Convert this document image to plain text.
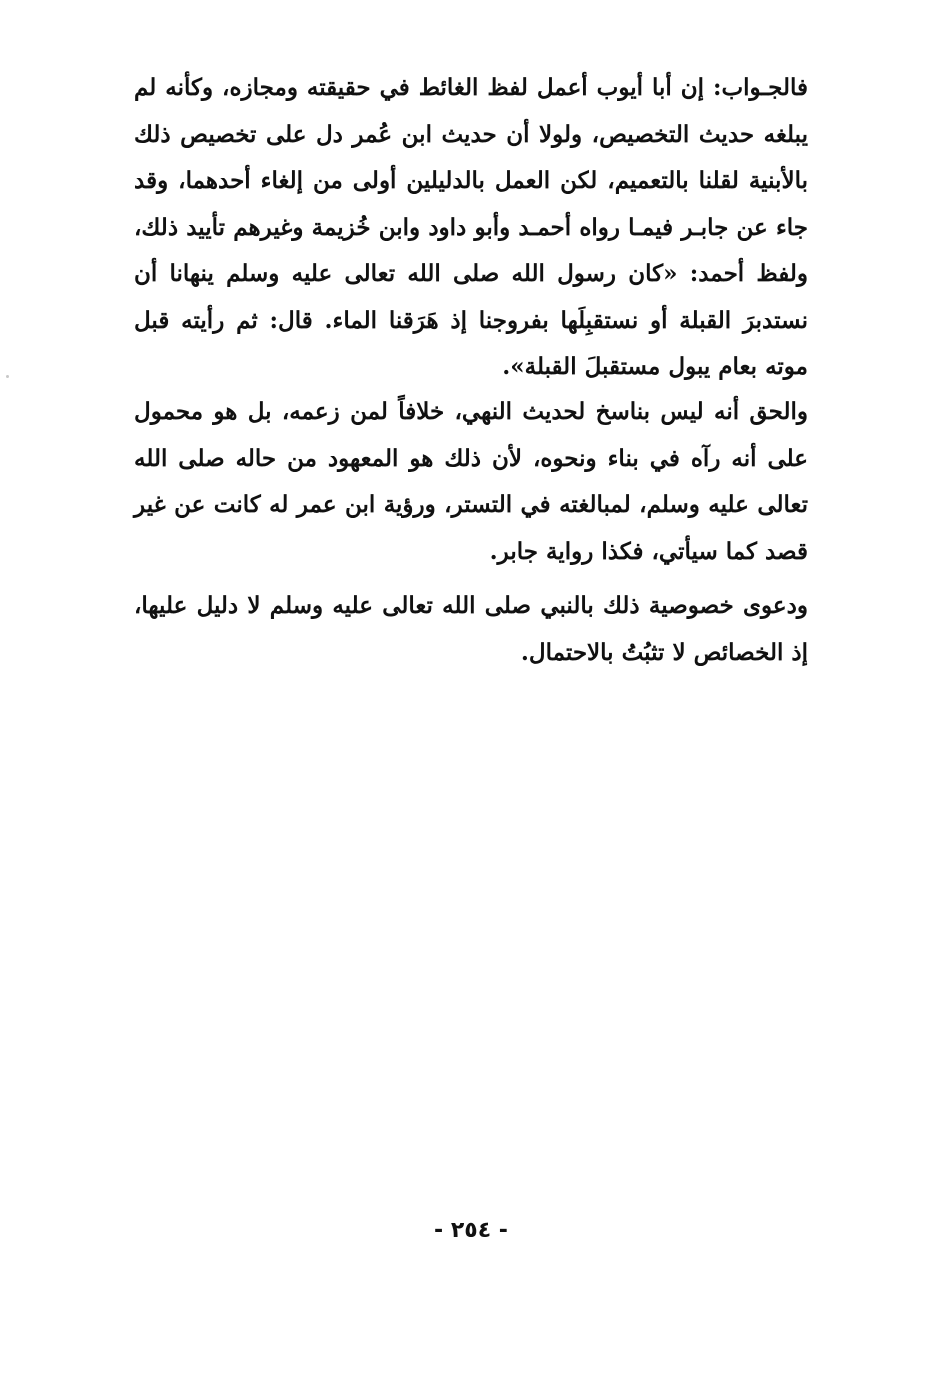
فالجـواب: إن أبا أيوب أعمل لفظ الغائط في حقيقته ومجازه، وكأنه لم يبلغه حديث التخصيص، ولولا أن حديث ابن عُمر دل على تخصيص ذلك بالأبنية لقلنا بالتعميم، لكن العمل بالدليلين أولى من إلغاء أحدهما، وقد جاء عن جابـر فيمـا رواه أحمـد وأبو داود وابن خُزيمة وغيرهم تأييد ذلك، ولفظ أحمد: «كان رسول الله صلى الله تعالى عليه وسلم ينهانا أن نستدبرَ القبلة أو نستقبِلَها بفروجنا إذ هَرَقنا الماء. قال: ثم رأيته قبل موته بعام يبول مستقبلَ القبلة».

والحق أنه ليس بناسخ لحديث النهي، خلافاً لمن زعمه، بل هو محمول على أنه رآه في بناء ونحوه، لأن ذلك هو المعهود من حاله صلى الله تعالى عليه وسلم، لمبالغته في التستر، ورؤية ابن عمر له كانت عن غير قصد كما سيأتي، فكذا رواية جابر.

ودعوى خصوصية ذلك بالنبي صلى الله تعالى عليه وسلم لا دليل عليها، إذ الخصائص لا تثبُتُ بالاحتمال.

- ٢٥٤ -
